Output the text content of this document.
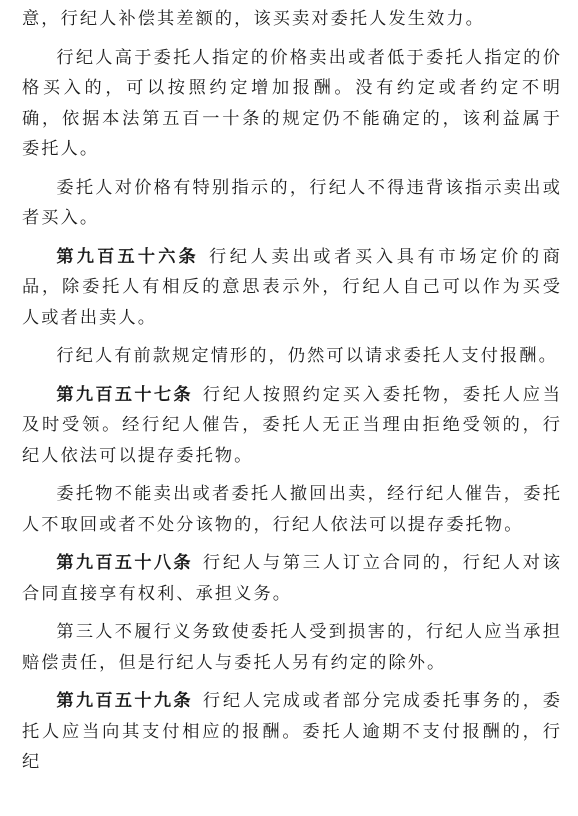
意，行纪人补偿其差额的，该买卖对委托人发生效力。

行纪人高于委托人指定的价格卖出或者低于委托人指定的价格买入的，可以按照约定增加报酬。没有约定或者约定不明确，依据本法第五百一十条的规定仍不能确定的，该利益属于委托人。

委托人对价格有特别指示的，行纪人不得违背该指示卖出或者买入。

第九百五十六条 行纪人卖出或者买入具有市场定价的商品，除委托人有相反的意思表示外，行纪人自己可以作为买受人或者出卖人。

行纪人有前款规定情形的，仍然可以请求委托人支付报酬。

第九百五十七条 行纪人按照约定买入委托物，委托人应当及时受领。经行纪人催告，委托人无正当理由拒绝受领的，行纪人依法可以提存委托物。

委托物不能卖出或者委托人撤回出卖，经行纪人催告，委托人不取回或者不处分该物的，行纪人依法可以提存委托物。

第九百五十八条 行纪人与第三人订立合同的，行纪人对该合同直接享有权利、承担义务。

第三人不履行义务致使委托人受到损害的，行纪人应当承担赔偿责任，但是行纪人与委托人另有约定的除外。

第九百五十九条 行纪人完成或者部分完成委托事务的，委托人应当向其支付相应的报酬。委托人逾期不支付报酬的，行纪
